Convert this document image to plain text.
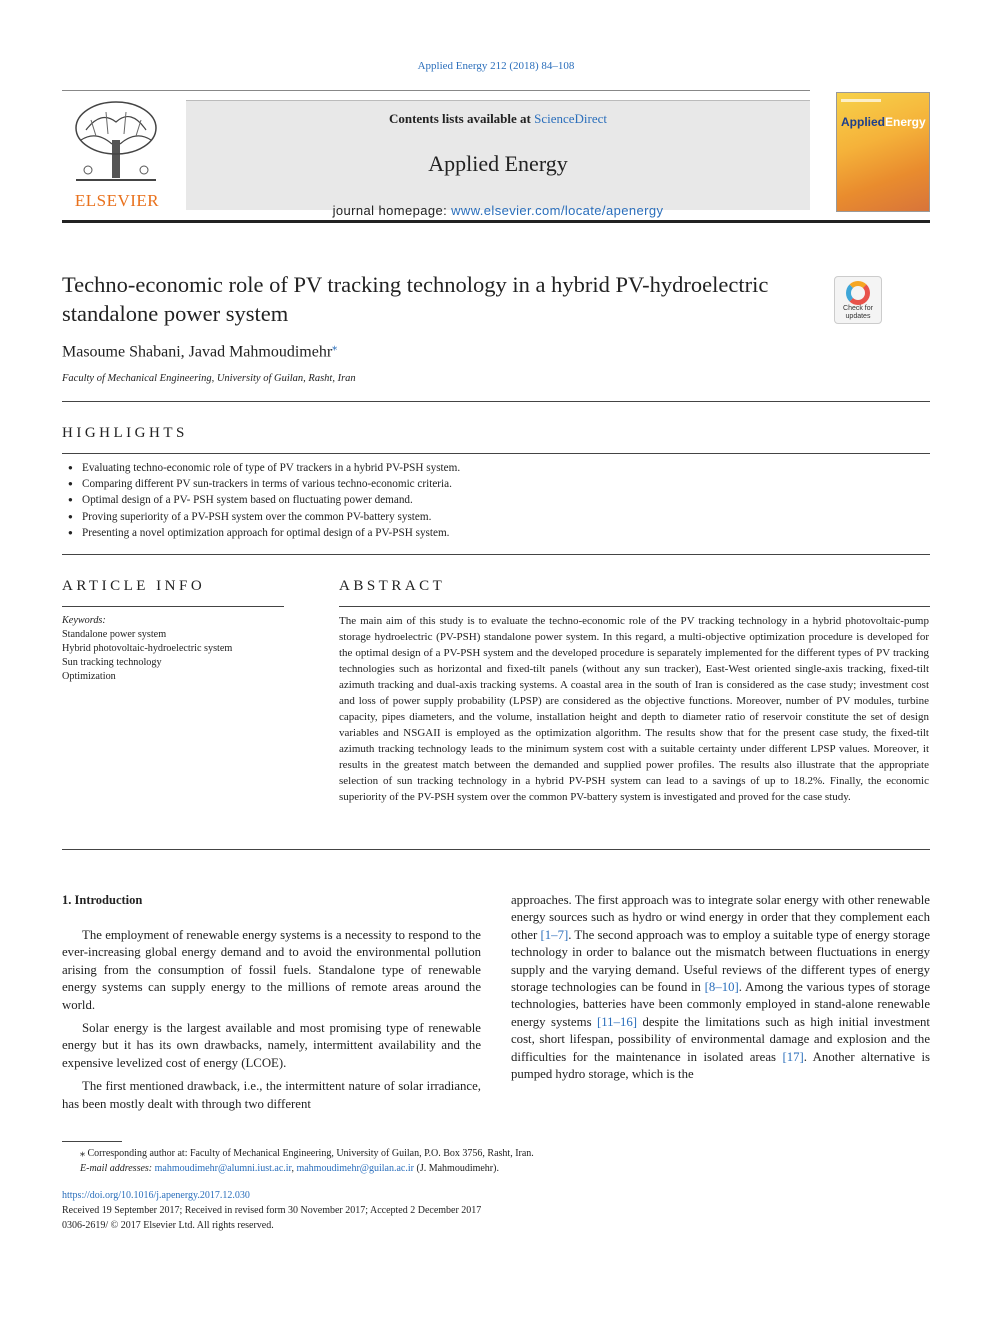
Applied Energy 212 (2018) 84–108
ELSEVIER
Contents lists available at ScienceDirect
Applied Energy
journal homepage: www.elsevier.com/locate/apenergy
AppliedEnergy
Techno-economic role of PV tracking technology in a hybrid PV-hydroelectric standalone power system	Check for
updates
Masoume Shabani, Javad Mahmoudimehr⁎
Faculty of Mechanical Engineering, University of Guilan, Rasht, Iran
HIGHLIGHTS
● Evaluating techno-economic role of type of PV trackers in a hybrid PV-PSH system.
● Comparing different PV sun-trackers in terms of various techno-economic criteria.
● Optimal design of a PV- PSH system based on fluctuating power demand.
● Proving superiority of a PV-PSH system over the common PV-battery system.
● Presenting a novel optimization approach for optimal design of a PV-PSH system.
ARTICLE INFO	ABSTRACT
Keywords:
Standalone power system
Hybrid photovoltaic-hydroelectric system
Sun tracking technology
Optimization
The main aim of this study is to evaluate the techno-economic role of the PV tracking technology in a hybrid photovoltaic-pump storage hydroelectric (PV-PSH) standalone power system. In this regard, a multi-objective optimization procedure is developed for the optimal design of a PV-PSH system and the developed procedure is separately implemented for the different types of PV tracking technologies such as horizontal and fixed-tilt panels (without any sun tracker), East-West oriented single-axis tracking, fixed-tilt azimuth tracking and dual-axis tracking systems. A coastal area in the south of Iran is considered as the case study; investment cost and loss of power supply probability (LPSP) are considered as the objective functions. Moreover, number of PV modules, turbine capacity, pipes diameters, and the volume, installation height and depth to diameter ratio of reservoir constitute the set of design variables and NSGAII is employed as the optimization algorithm. The results show that for the present case study, the fixed-tilt azimuth tracking technology leads to the minimum system cost with a suitable certainty under different LPSP values. Moreover, it results in the greatest match between the demanded and supplied power profiles. The results also illustrate that the appropriate selection of sun tracking technology in a hybrid PV-PSH system can lead to a savings of up to 18.2%. Finally, the economic superiority of the PV-PSH system over the common PV-battery system is investigated and proved for the case study.
1. Introduction

The employment of renewable energy systems is a necessity to respond to the ever-increasing global energy demand and to avoid the environmental pollution arising from the consumption of fossil fuels. Standalone type of renewable energy systems can supply energy to the millions of remote areas around the world.

Solar energy is the largest available and most promising type of renewable energy but it has its own drawbacks, namely, intermittent availability and the expensive levelized cost of energy (LCOE).

The first mentioned drawback, i.e., the intermittent nature of solar irradiance, has been mostly dealt with through two different

approaches. The first approach was to integrate solar energy with other renewable energy sources such as hydro or wind energy in order that they complement each other [1–7]. The second approach was to employ a suitable type of energy storage technology in order to balance out the mismatch between fluctuations in energy supply and the varying demand. Useful reviews of the different types of energy storage technologies can be found in [8–10]. Among the various types of storage technologies, batteries have been commonly employed in stand-alone renewable energy systems [11–16] despite the limitations such as high initial investment cost, short lifespan, possibility of environmental damage and explosion and the difficulties for the maintenance in isolated areas [17]. Another alternative is pumped hydro storage, which is the

⁎ Corresponding author at: Faculty of Mechanical Engineering, University of Guilan, P.O. Box 3756, Rasht, Iran.
E-mail addresses: mahmoudimehr@alumni.iust.ac.ir, mahmoudimehr@guilan.ac.ir (J. Mahmoudimehr).
https://doi.org/10.1016/j.apenergy.2017.12.030
Received 19 September 2017; Received in revised form 30 November 2017; Accepted 2 December 2017
0306-2619/ © 2017 Elsevier Ltd. All rights reserved.
